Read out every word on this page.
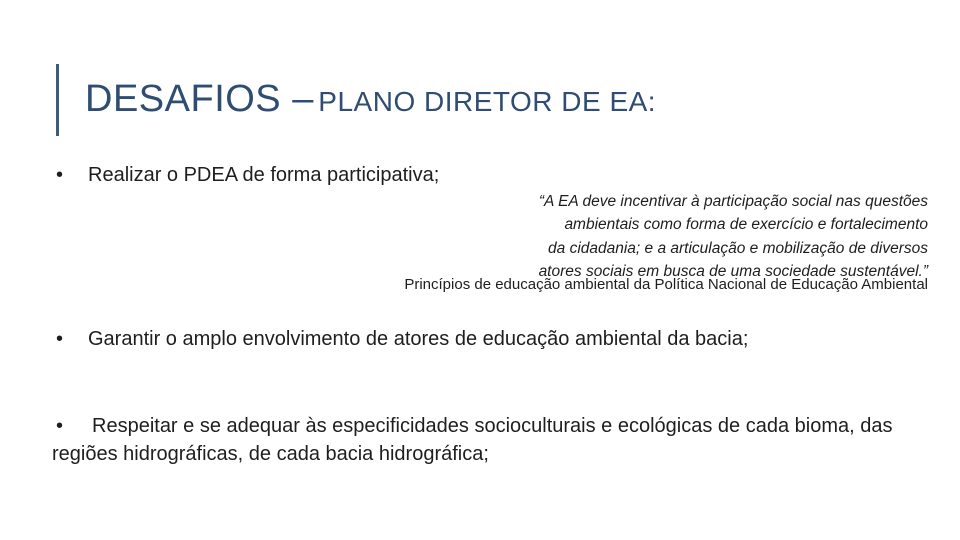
DESAFIOS – PLANO DIRETOR DE EA:
• Realizar o PDEA de forma participativa;
“A EA deve incentivar à participação social nas questões
ambientais como forma de exercício e fortalecimento
da cidadania; e a articulação e mobilização de diversos
atores sociais em busca de uma sociedade sustentável.”
Princípios de educação ambiental da Política Nacional de Educação Ambiental
• Garantir o amplo envolvimento de atores de educação ambiental da bacia;
• Respeitar e se adequar às especificidades socioculturais e ecológicas de cada bioma, das regiões hidrográficas, de cada bacia hidrográfica;
